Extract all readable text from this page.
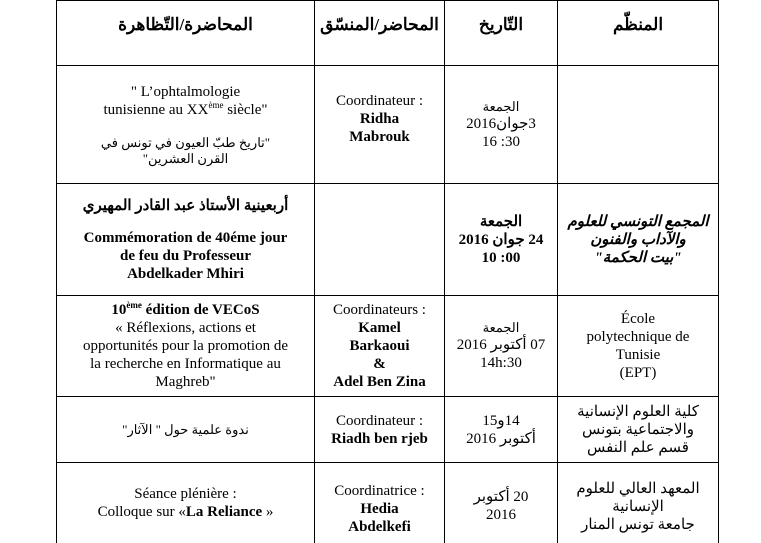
المحاضرة/التّظاهرة	المحاضر/المنسّق التّاريخ	المنظّم
" L’ophtalmologie
tunisienne au XXème siècle"
"تاريخ طبّ العيون في تونس في
القرن العشرين"
Coordinateur :
Ridha
Mabrouk
الجمعة
3جوان2016
16 :30
أربعينية الأستاذ عبد القادر المهيري
Commémoration de 40éme jour
de feu du Professeur
Abdelkader Mhiri
الجمعة
24 جوان 2016
10 :00
المجمع التونسي للعلوم
والآداب والفنون
"بيت الحكمة"
10ème édition de VECoS
« Réflexions, actions et
opportunités pour la promotion de
la recherche en Informatique au
Maghreb"
Coordinateurs :
Kamel
Barkaoui
&
Adel Ben Zina
الجمعة
07 أكتوبر 2016
14h:30
École
polytechnique de
Tunisie
(EPT)
ندوة علمية حول " الآثار"
Coordinateur :
Riadh ben rjeb
14و15
أكتوبر 2016
كلية العلوم الإنسانية
والاجتماعية بتونس
قسم علم النفس
Séance plénière :
Colloque sur «La Reliance »
Coordinatrice :
Hedia
Abdelkefi
20 أكتوبر
2016
المعهد العالي للعلوم
الإنسانية
جامعة تونس المنار
